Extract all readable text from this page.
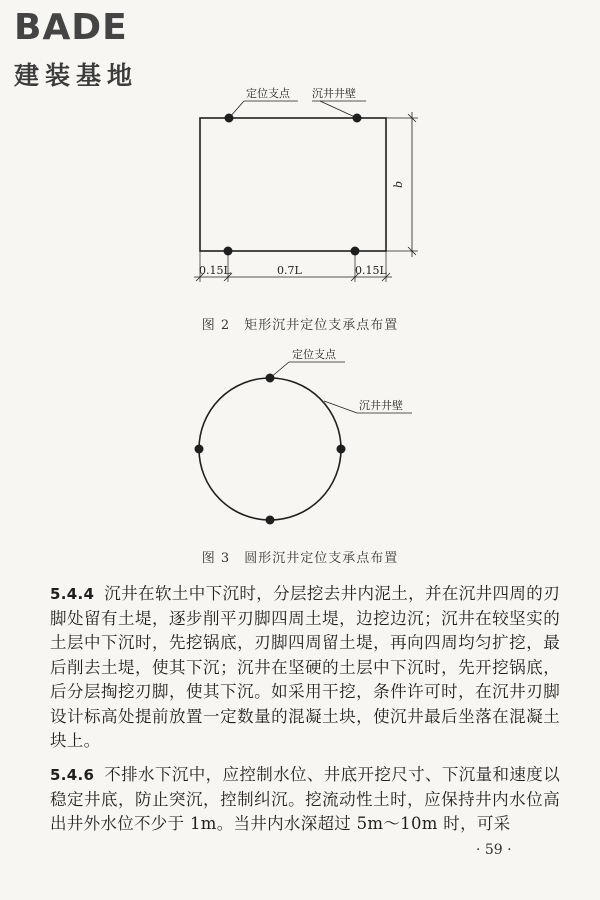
BADE
建装基地
定位支点 沉井井壁
b
0.15L	0.7L	0.15L
图 2　矩形沉井定位支承点布置
定位支点
沉井井壁
图 3　圆形沉井定位支承点布置
5.4.4 沉井在软土中下沉时，分层挖去井内泥土，并在沉井四周的刃脚处留有土堤，逐步削平刃脚四周土堤，边挖边沉；沉井在较坚实的土层中下沉时，先挖锅底，刃脚四周留土堤，再向四周均匀扩挖，最后削去土堤，使其下沉；沉井在坚硬的土层中下沉时，先开挖锅底，后分层掏挖刃脚，使其下沉。如采用干挖，条件许可时，在沉井刃脚设计标高处提前放置一定数量的混凝土块，使沉井最后坐落在混凝土块上。
5.4.6 不排水下沉中，应控制水位、井底开挖尺寸、下沉量和速度以稳定井底，防止突沉，控制纠沉。挖流动性土时，应保持井内水位高出井外水位不少于 1m。当井内水深超过 5m～10m 时，可采
· 59 ·
